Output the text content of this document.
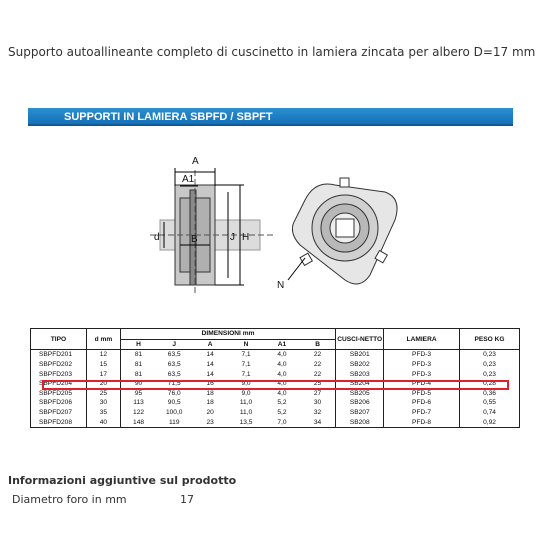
Supporto autoallineante completo di cuscinetto in lamiera zincata per albero D=17 mm
SUPPORTI IN LAMIERA SBPFD / SBPFT
A
A1
B
d	J H
N
TIPO	d mm	DIMENSIONI mm						CUSCI-NETTO	LAMIERA	PESO KG
		H	J	A	N	A1	B			
SBPFD201	12	81	63,5	14	7,1	4,0	22	SB201	PFD-3	0,23
SBPFD202	15	81	63,5	14	7,1	4,0	22	SB202	PFD-3	0,23
SBPFD203	17	81	63,5	14	7,1	4,0	22	SB203	PFD-3	0,23
SBPFD204	20	90	71,5	16	9,0	4,0	25	SB204	PFD-4	0,28
SBPFD205	25	95	76,0	18	9,0	4,0	27	SB205	PFD-5	0,36
SBPFD206	30	113	90,5	18	11,0	5,2	30	SB206	PFD-6	0,55
SBPFD207	35	122	100,0	20	11,0	5,2	32	SB207	PFD-7	0,74
SBPFD208	40	148	119	23	13,5	7,0	34	SB208	PFD-8	0,92
Informazioni aggiuntive sul prodotto
Diametro foro in mm	17
